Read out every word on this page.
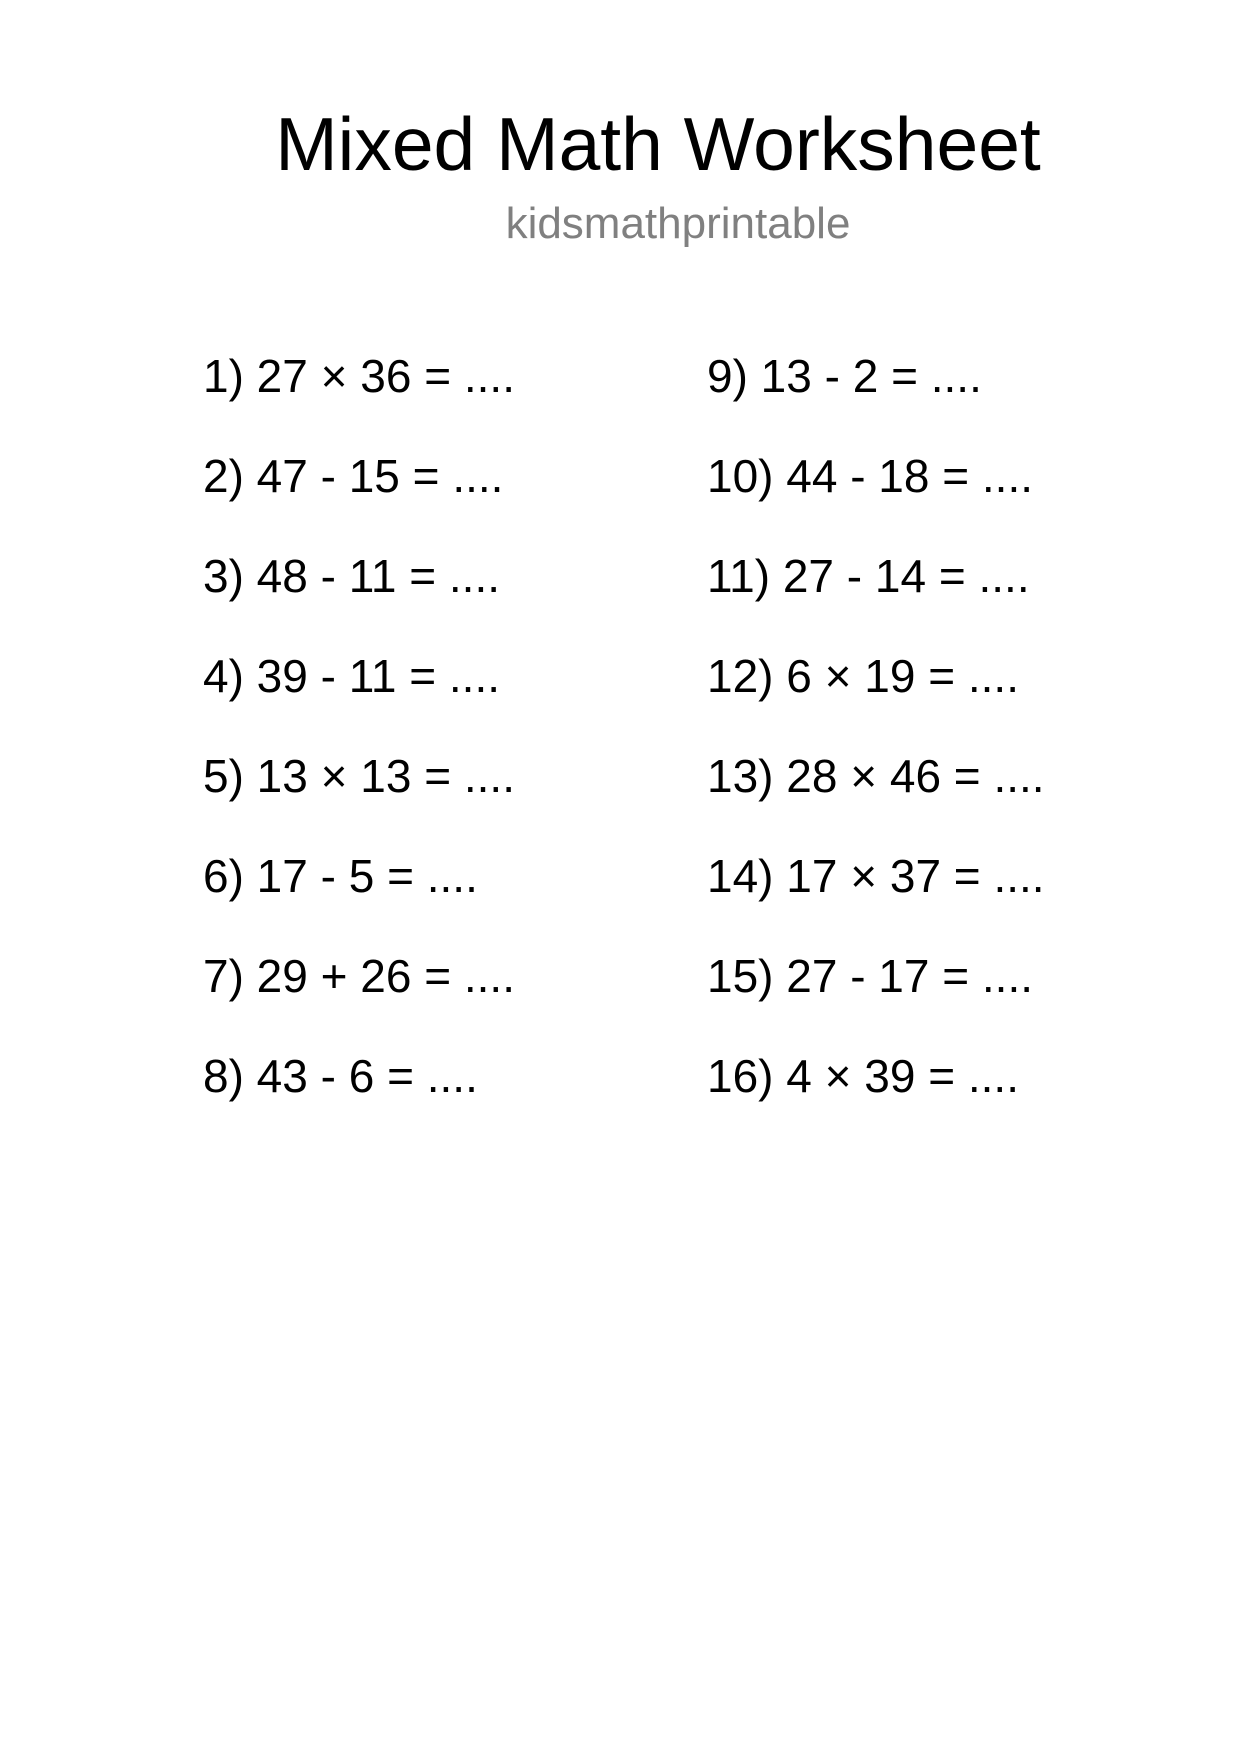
Mixed Math Worksheet
kidsmathprintable
1) 27 × 36 = ....
2) 47 - 15 = ....
3) 48 - 11 = ....
4) 39 - 11 = ....
5) 13 × 13 = ....
6) 17 - 5 = ....
7) 29 + 26 = ....
8) 43 - 6 = ....
9) 13 - 2 = ....
10) 44 - 18 = ....
11) 27 - 14 = ....
12) 6 × 19 = ....
13) 28 × 46 = ....
14) 17 × 37 = ....
15) 27 - 17 = ....
16) 4 × 39 = ....
